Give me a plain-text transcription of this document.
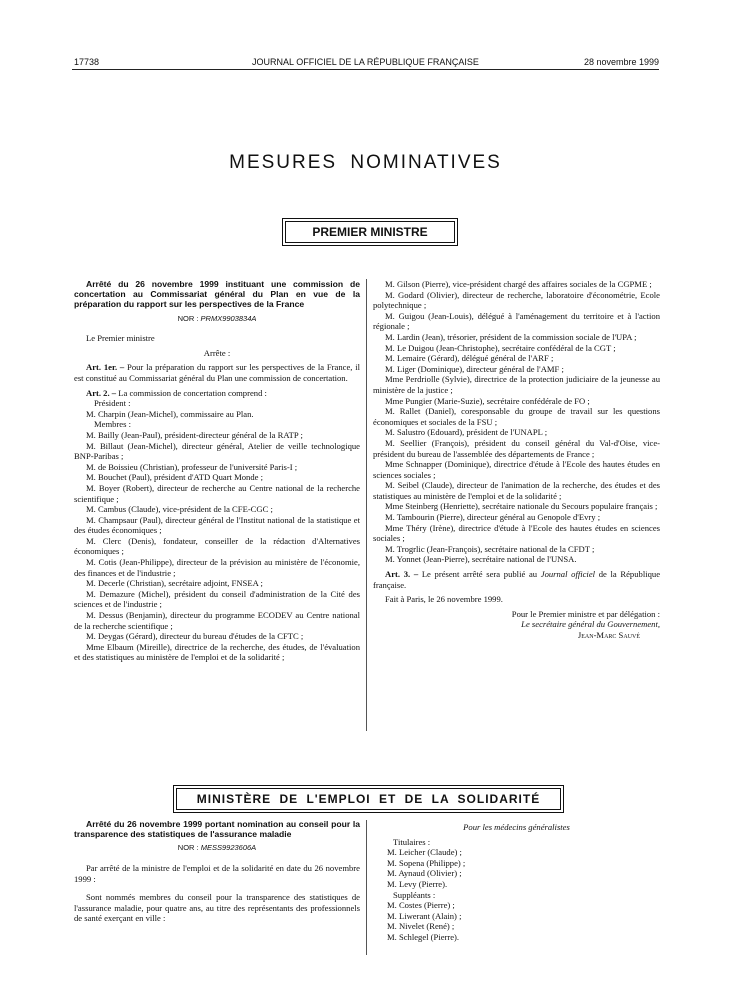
17738	JOURNAL OFFICIEL DE LA RÉPUBLIQUE FRANÇAISE	28 novembre 1999
MESURES NOMINATIVES
PREMIER MINISTRE

Arrêté du 26 novembre 1999 instituant une commission de concertation au Commissariat général du Plan en vue de la préparation du rapport sur les perspectives de la France

NOR : PRMX9903834A

Le Premier ministre

Arrête :

Art. 1er. – Pour la préparation du rapport sur les perspectives de la France, il est constitué au Commissariat général du Plan une commission de concertation.

Art. 2. – La commission de concertation comprend :

Président :

M. Charpin (Jean-Michel), commissaire au Plan.

Membres :

M. Bailly (Jean-Paul), président-directeur général de la RATP ;

M. Billaut (Jean-Michel), directeur général, Atelier de veille technologique BNP-Paribas ;

M. de Boissieu (Christian), professeur de l'université Paris-I ;

M. Bouchet (Paul), président d'ATD Quart Monde ;

M. Boyer (Robert), directeur de recherche au Centre national de la recherche scientifique ;

M. Cambus (Claude), vice-président de la CFE-CGC ;

M. Champsaur (Paul), directeur général de l'Institut national de la statistique et des études économiques ;

M. Clerc (Denis), fondateur, conseiller de la rédaction d'Alternatives économiques ;

M. Cotis (Jean-Philippe), directeur de la prévision au ministère de l'économie, des finances et de l'industrie ;

M. Decerle (Christian), secrétaire adjoint, FNSEA ;

M. Demazure (Michel), président du conseil d'administration de la Cité des sciences et de l'industrie ;

M. Dessus (Benjamin), directeur du programme ECODEV au Centre national de la recherche scientifique ;

M. Deygas (Gérard), directeur du bureau d'études de la CFTC ;

Mme Elbaum (Mireille), directrice de la recherche, des études, de l'évaluation et des statistiques au ministère de l'emploi et de la solidarité ;

M. Gilson (Pierre), vice-président chargé des affaires sociales de la CGPME ;

M. Godard (Olivier), directeur de recherche, laboratoire d'économétrie, Ecole polytechnique ;

M. Guigou (Jean-Louis), délégué à l'aménagement du territoire et à l'action régionale ;

M. Lardin (Jean), trésorier, président de la commission sociale de l'UPA ;

M. Le Duigou (Jean-Christophe), secrétaire confédéral de la CGT ;

M. Lemaire (Gérard), délégué général de l'ARF ;

M. Liger (Dominique), directeur général de l'AMF ;

Mme Perdriolle (Sylvie), directrice de la protection judiciaire de la jeunesse au ministère de la justice ;

Mme Pungier (Marie-Suzie), secrétaire confédérale de FO ;

M. Rallet (Daniel), coresponsable du groupe de travail sur les questions économiques et sociales de la FSU ;

M. Salustro (Edouard), président de l'UNAPL ;

M. Seellier (François), président du conseil général du Val-d'Oise, vice-président du bureau de l'assemblée des départements de France ;

Mme Schnapper (Dominique), directrice d'étude à l'Ecole des hautes études en sciences sociales ;

M. Seibel (Claude), directeur de l'animation de la recherche, des études et des statistiques au ministère de l'emploi et de la solidarité ;

Mme Steinberg (Henriette), secrétaire nationale du Secours populaire français ;

M. Tambourin (Pierre), directeur général au Genopole d'Evry ;

Mme Théry (Irène), directrice d'étude à l'Ecole des hautes études en sciences sociales ;

M. Trogrlic (Jean-François), secrétaire national de la CFDT ;

M. Yonnet (Jean-Pierre), secrétaire national de l'UNSA.

Art. 3. – Le présent arrêté sera publié au Journal officiel de la République française.

Fait à Paris, le 26 novembre 1999.

Pour le Premier ministre et par délégation :

Le secrétaire général du Gouvernement,

Jean-Marc Sauvé

MINISTÈRE DE L'EMPLOI ET DE LA SOLIDARITÉ

Arrêté du 26 novembre 1999 portant nomination au conseil pour la transparence des statistiques de l'assurance maladie

NOR : MESS9923606A

Par arrêté de la ministre de l'emploi et de la solidarité en date du 26 novembre 1999 :

Sont nommés membres du conseil pour la transparence des statistiques de l'assurance maladie, pour quatre ans, au titre des représentants des professionnels de santé exerçant en ville :

Pour les médecins généralistes

Titulaires :

M. Leicher (Claude) ;

M. Sopena (Philippe) ;

M. Aynaud (Olivier) ;

M. Levy (Pierre).

Suppléants :

M. Costes (Pierre) ;

M. Liwerant (Alain) ;

M. Nivelet (René) ;

M. Schlegel (Pierre).
